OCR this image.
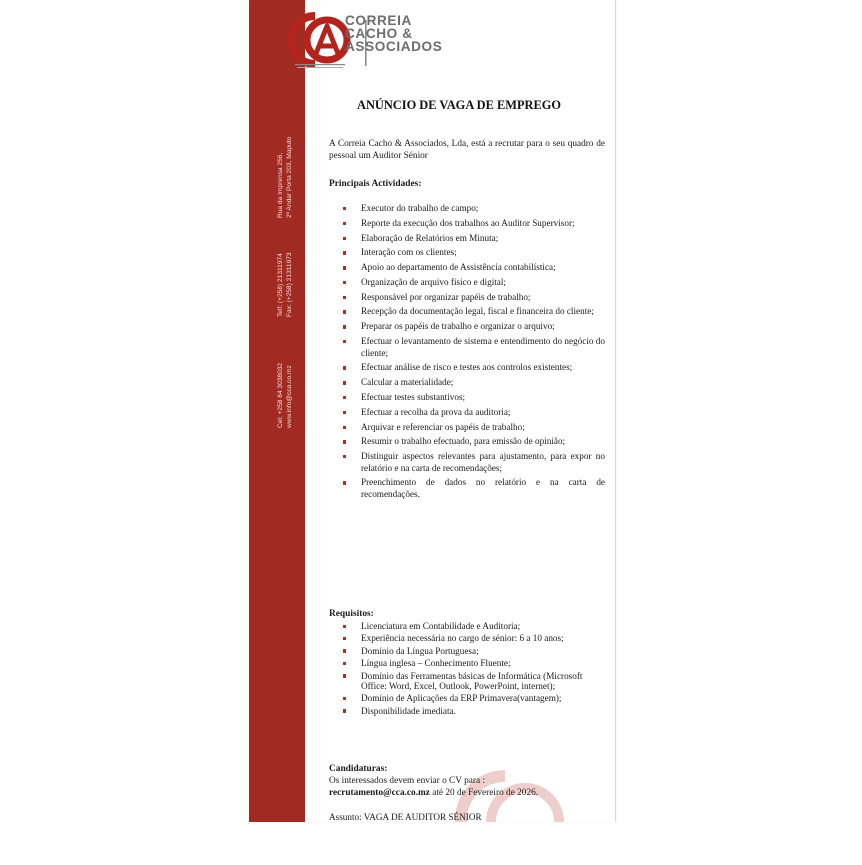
Rua da Imprensa 256, 2º Andar Porta 203, Maputo
Telf: (+258) 21311974 Fax: (+258) 21311973
Cel: +258 84 3038032 www.info@cca.co.mz
CORREIA
CACHO &
ASSOCIADOS
ANÚNCIO DE VAGA DE EMPREGO
A Correia Cacho & Associados, Lda, está a recrutar para o seu quadro de pessoal um Auditor Sénior
Principais Actividades:
Executor do trabalho de campo;
Reporte da execução dos trabalhos ao Auditor Supervisor;
Elaboração de Relatórios em Minuta;
Interação com os clientes;
Apoio ao departamento de Assistência contabilística;
Organização de arquivo físico e digital;
Responsável por organizar papéis de trabalho;
Recepção da documentação legal, fiscal e financeira do cliente;
Preparar os papéis de trabalho e organizar o arquivo;
Efectuar o levantamento de sistema e entendimento do negócio do cliente;
Efectuar análise de risco e testes aos controlos existentes;
Calcular a materialidade;
Efectuar testes substantivos;
Efectuar a recolha da prova da auditoria;
Arquivar e referenciar os papéis de trabalho;
Resumir o trabalho efectuado, para emissão de opinião;
Distinguir aspectos relevantes para ajustamento, para expor no relatório e na carta de recomendações;
Preenchimento de dados no relatório e na carta de recomendações.
Requisitos:
Licenciatura em Contabilidade e Auditoria;
Experiência necessária no cargo de sénior: 6 a 10 anos;
Domínio da Língua Portuguesa;
Língua inglesa – Conhecimento Fluente;
Domínio das Ferramentas básicas de Informática (Microsoft Office: Word, Excel, Outlook, PowerPoint, internet);
Domínio de Aplicações da ERP Primavera(vantagem);
Disponibilidade imediata.
Candidaturas:
Os interessados devem enviar o CV para :
recrutamento@cca.co.mz até 20 de Fevereiro de 2026.
Assunto: VAGA DE AUDITOR SÉNIOR
